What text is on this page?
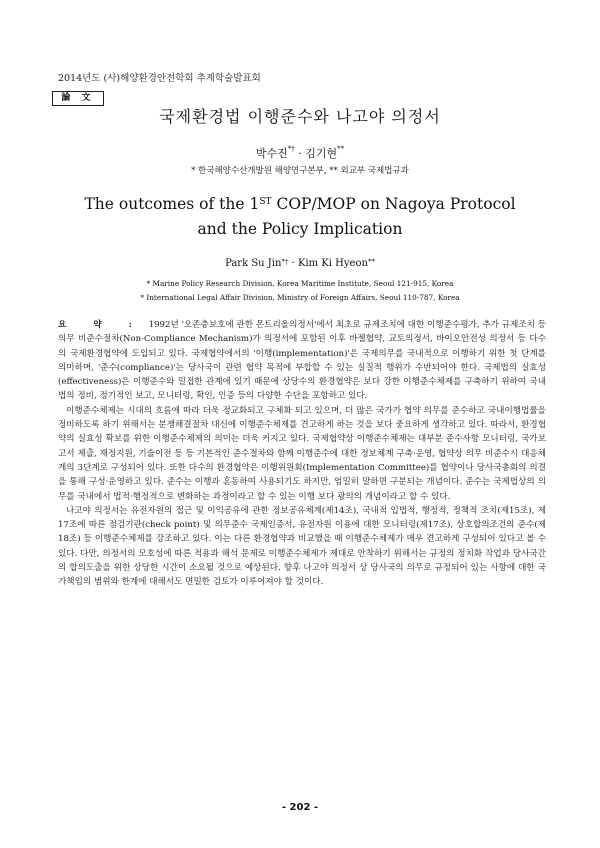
2014년도 (사)해양환경안전학회 추계학술발표회
論 文
국제환경법 이행준수와 나고야 의정서
박수진*† · 김기현**
* 한국해양수산개발원 해양연구본부, ** 외교부 국제법규과
The outcomes of the 1ST COP/MOP on Nagoya Protocol
and the Policy Implication
Park Su Jin*† · Kim Ki Hyeon**
* Marine Policy Research Division, Korea Maritime Institute, Seoul 121-915, Korea
* International Legal Affair Division, Ministry of Foreign Affairs, Seoul 110-787, Korea

요 약 : 1992년 '오존층보호에 관한 몬트리올의정서'에서 최초로 규제조치에 대한 이행준수평가, 추가 규제조치 등 의무 비준수절차(Non-Compliance Mechanism)가 의정서에 포함된 이후 바젤협약, 교토의정서, 바이오안전성 의정서 등 다수의 국제환경협약에 도입되고 있다. 국제협약에서의 '이행(implementation)'은 국제의무를 국내적으로 이행하기 위한 첫 단계를 의미하며, '준수(compliance)'는 당사국이 관련 협약 목적에 부합할 수 있는 실질적 행위가 수반되어야 한다. 국제법의 실효성(effectiveness)은 이행준수와 밀접한 관계에 있기 때문에 상당수의 환경협약은 보다 강한 이행준수체제를 구축하기 위하여 국내법의 정비, 정기적인 보고, 모니터링, 확인, 인증 등의 다양한 수단을 포함하고 있다.

이행준수체제는 시대의 흐름에 따라 더욱 정교화되고 구체화 되고 있으며, 더 많은 국가가 협약 의무를 준수하고 국내이행법률을 정비하도록 하기 위해서는 분쟁해결절차 대신에 이행준수체제를 견고하게 하는 것을 보다 중요하게 생각하고 있다. 따라서, 환경협약의 실효성 확보를 위한 이행준수체제의 의미는 더욱 커지고 있다. 국제협약상 이행준수체제는 대부분 준수사항 모니터링, 국가보고서 제출, 재정지원, 기술이전 등 등 기본적인 준수절차와 함께 이행준수에 대한 정보체계 구축·운영, 협약상 의무 비준수시 대응체계의 3단계로 구성되어 있다. 또한 다수의 환경협약은 이행위원회(Implementation Committee)를 협약이나 당사국총회의 의결을 통해 구성·운영하고 있다. 준수는 이행과 혼동하여 사용되기도 하지만, 엄밀히 말하면 구분되는 개념이다. 준수는 국제법상의 의무를 국내에서 법적·행정적으로 변화하는 과정이라고 할 수 있는 이행 보다 광의의 개념이라고 할 수 있다.

나고야 의정서는 유전자원의 접근 및 이익공유에 관한 정보공유체계(제14조), 국내적 입법적, 행정적, 정책적 조치(제15조), 제17조에 따른 점검기관(check point) 및 의무준수 국제인증서, 유전자원 이용에 대한 모니터링(제17조), 상호합의조건의 준수(제18조) 등 이행준수체제를 강조하고 있다. 이는 다른 환경협약과 비교했을 때 이행준수체제가 매우 견고하게 구성되어 있다고 볼 수 있다. 다만, 의정서의 모호성에 따른 적용과 해석 문제로 이행준수체제가 제대로 안착하기 위해서는 규정의 정치화 작업과 당사국간의 합의도출을 위한 상당한 시간이 소요될 것으로 예상된다. 향후 나고야 의정서 상 당사국의 의무로 규정되어 있는 사항에 대한 국가책임의 범위와 한계에 대해서도 면밀한 검토가 이루어져야 할 것이다.

- 202 -
